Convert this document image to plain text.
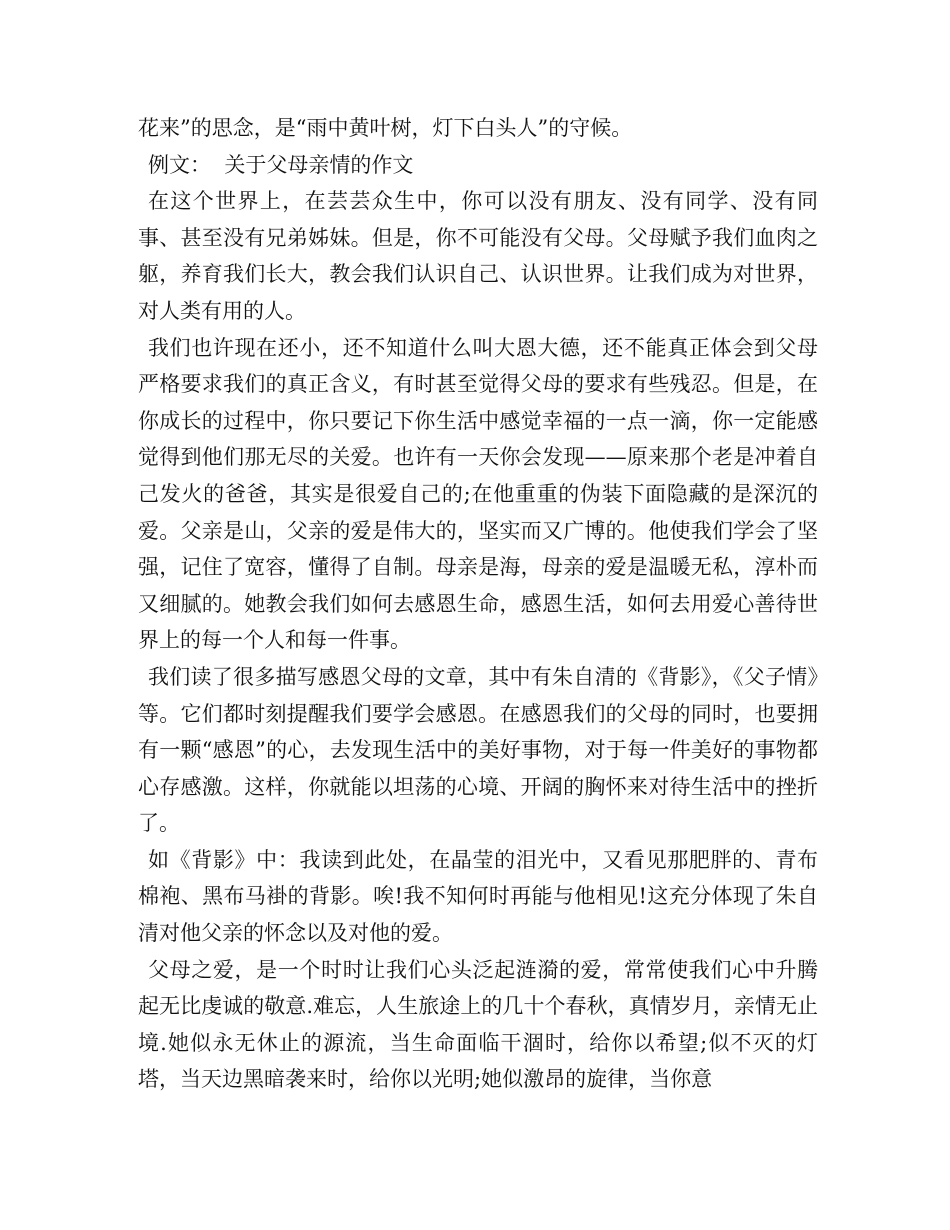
花来”的思念，是“雨中黄叶树，灯下白头人”的守候。

例文：  关于父母亲情的作文

在这个世界上，在芸芸众生中，你可以没有朋友、没有同学、没有同事、甚至没有兄弟姊妹。但是，你不可能没有父母。父母赋予我们血肉之躯，养育我们长大，教会我们认识自己、认识世界。让我们成为对世界，对人类有用的人。

我们也许现在还小，还不知道什么叫大恩大德，还不能真正体会到父母严格要求我们的真正含义，有时甚至觉得父母的要求有些残忍。但是，在你成长的过程中，你只要记下你生活中感觉幸福的一点一滴，你一定能感觉得到他们那无尽的关爱。也许有一天你会发现——原来那个老是冲着自己发火的爸爸，其实是很爱自己的;在他重重的伪装下面隐藏的是深沉的爱。父亲是山，父亲的爱是伟大的，坚实而又广博的。他使我们学会了坚强，记住了宽容，懂得了自制。母亲是海，母亲的爱是温暖无私，淳朴而又细腻的。她教会我们如何去感恩生命，感恩生活，如何去用爱心善待世界上的每一个人和每一件事。

我们读了很多描写感恩父母的文章，其中有朱自清的《背影》，《父子情》等。它们都时刻提醒我们要学会感恩。在感恩我们的父母的同时，也要拥有一颗“感恩”的心，去发现生活中的美好事物，对于每一件美好的事物都心存感激。这样，你就能以坦荡的心境、开阔的胸怀来对待生活中的挫折了。

如《背影》中：我读到此处，在晶莹的泪光中，又看见那肥胖的、青布棉袍、黑布马褂的背影。唉!我不知何时再能与他相见!这充分体现了朱自清对他父亲的怀念以及对他的爱。

父母之爱，是一个时时让我们心头泛起涟漪的爱，常常使我们心中升腾起无比虔诚的敬意.难忘，人生旅途上的几十个春秋，真情岁月，亲情无止境.她似永无休止的源流，当生命面临干涸时，给你以希望;似不灭的灯塔，当天边黑暗袭来时，给你以光明;她似激昂的旋律，当你意
